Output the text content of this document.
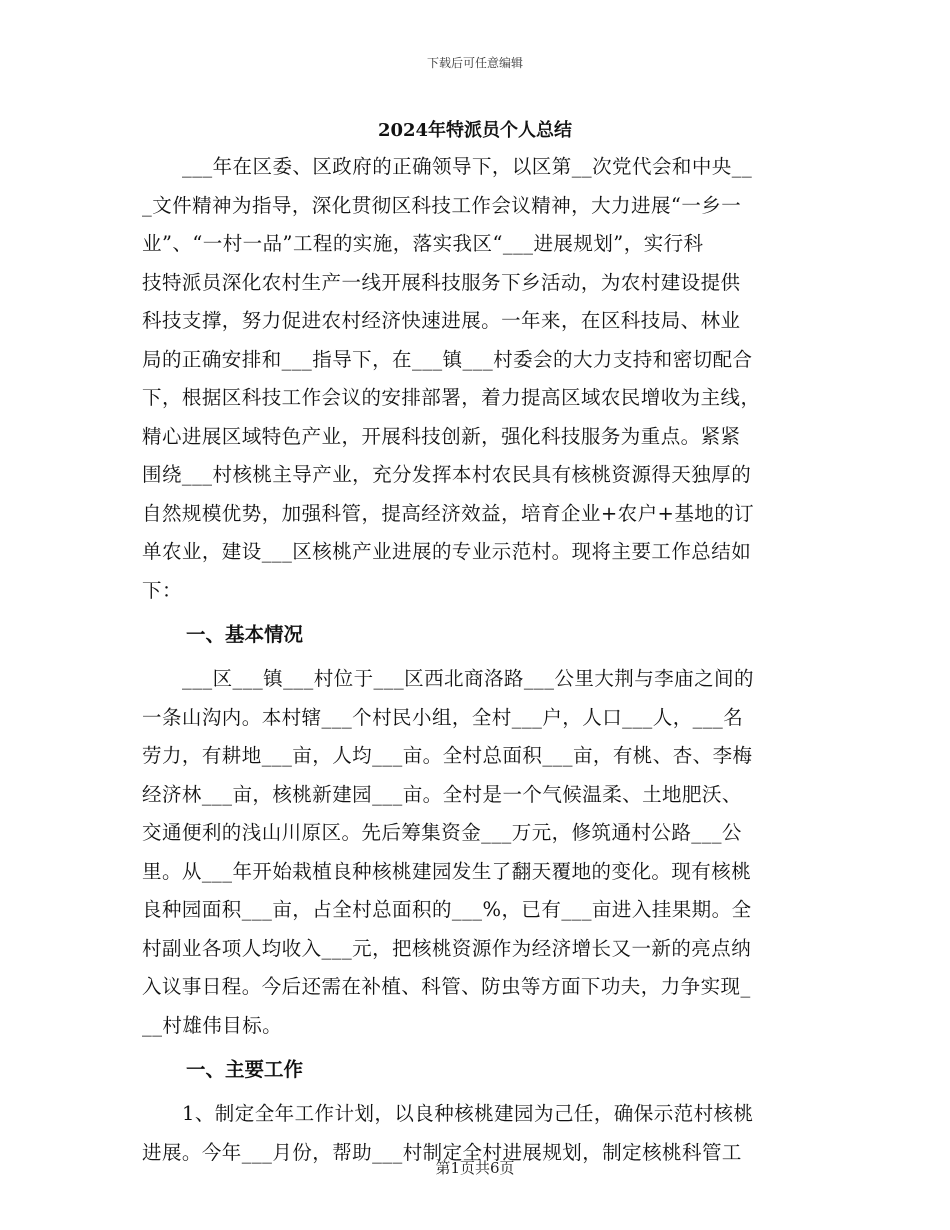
下载后可任意编辑
2024年特派员个人总结
___年在区委、区政府的正确领导下，以区第__次党代会和中央__
_文件精神为指导，深化贯彻区科技工作会议精神，大力进展“一乡一
业”、“一村一品”工程的实施，落实我区“___进展规划”，实行科
技特派员深化农村生产一线开展科技服务下乡活动，为农村建设提供
科技支撑，努力促进农村经济快速进展。一年来，在区科技局、林业
局的正确安排和___指导下，在___镇___村委会的大力支持和密切配合
下，根据区科技工作会议的安排部署，着力提高区域农民增收为主线，
精心进展区域特色产业，开展科技创新，强化科技服务为重点。紧紧
围绕___村核桃主导产业，充分发挥本村农民具有核桃资源得天独厚的
自然规模优势，加强科管，提高经济效益，培育企业+农户+基地的订
单农业，建设___区核桃产业进展的专业示范村。现将主要工作总结如
下：
一、基本情况
___区___镇___村位于___区西北商洛路___公里大荆与李庙之间的
一条山沟内。本村辖___个村民小组，全村___户，人口___人，___名
劳力，有耕地___亩，人均___亩。全村总面积___亩，有桃、杏、李梅
经济林___亩，核桃新建园___亩。全村是一个气候温柔、土地肥沃、
交通便利的浅山川原区。先后筹集资金___万元，修筑通村公路___公
里。从___年开始栽植良种核桃建园发生了翻天覆地的变化。现有核桃
良种园面积___亩，占全村总面积的___%，已有___亩进入挂果期。全
村副业各项人均收入___元，把核桃资源作为经济增长又一新的亮点纳
入议事日程。今后还需在补植、科管、防虫等方面下功夫，力争实现_
__村雄伟目标。
一、主要工作
1、制定全年工作计划，以良种核桃建园为己任，确保示范村核桃
进展。今年___月份，帮助___村制定全村进展规划，制定核桃科管工
第1页共6页
